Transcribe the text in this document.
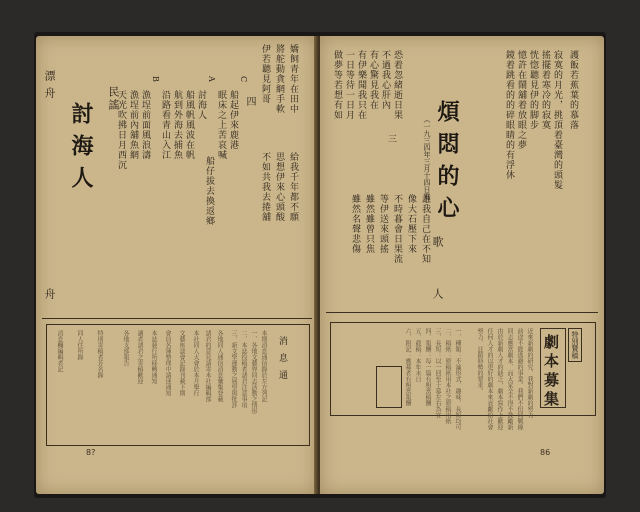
漂舟
舟
討海人
民謠	嬌飼青年在田中
將舵動貪網手軟
伊若聽見阿哥
給我千年都不願
思想伊來心頭酸
不如共我去捲舖
四
A
討海人
船風帆風波在帆
航到外海去捕魚
沿路看青山入江
B
漁埕前面風浪濤
漁埕前內舖魚網
天光吹拂日月西沉
C
船起伊來鹿港
眠床之上苦哀喊
船仔拔去換返鄉
消息通
本期消息通信錄於左方列記
一、各地文藝界同志活動之情形
二、本誌投稿者諸君注意事項
三、新文學運動之展望與批評
各地同人通信消息彙集登載
諸君的意見請寄本社編輯部
本社同人大會於本月舉行
文藝座談會記錄刊載下期
會員名簿整理中請速通知
本誌發行所移轉通知
讀者諸君之寄稿歡迎
各地支部報告
特別寄稿者芳名錄
同人住所錄
消息欄編輯者記
8?
護飯若蕉葉的慕落
寂寞的月光，挑頂着臺灣的頭髮
搖擺着寒冷的寂寞
恍惚聽見伊的脚步
憶許在鬧舖着放眼之夢
鏡着跳看的的碎眼睛的有浮休
煩悶的心
（一九三四年三月十四日寫）
歌
人
恐着忽緒逝日果
不過我心肝內
有心驚見我在
有伊樂聞我只在
一日等待一日月
做夢等若想有如
三
誰我自己在不知
像大石壓下來
不時暮會日果流
等伊送來頭搖
雖然雖曾只焦
雖然名聲悲傷
特別贊稿
劇本募集
近來新劇的研究、我對新劇的努力
前途不能逃避的事業。我們不但同戰線
同志應當劇本、而大家全不得不鼓勵新
由於新劇人才的缺乏，劇本寫作上歡迎
任何人才的以更好的劇本來貢獻給社會
努力、註銷時勢的要求。
一、種類：不論形式、趣味、長短均可
二、稿紙：原稿紙用本社之原稿用紙
三、長短：以一回至十幕左右為宜
四、報酬：每一篇有相當稿酬
五、截稿：本年末日
六、附記：應募者有相當報酬
86
